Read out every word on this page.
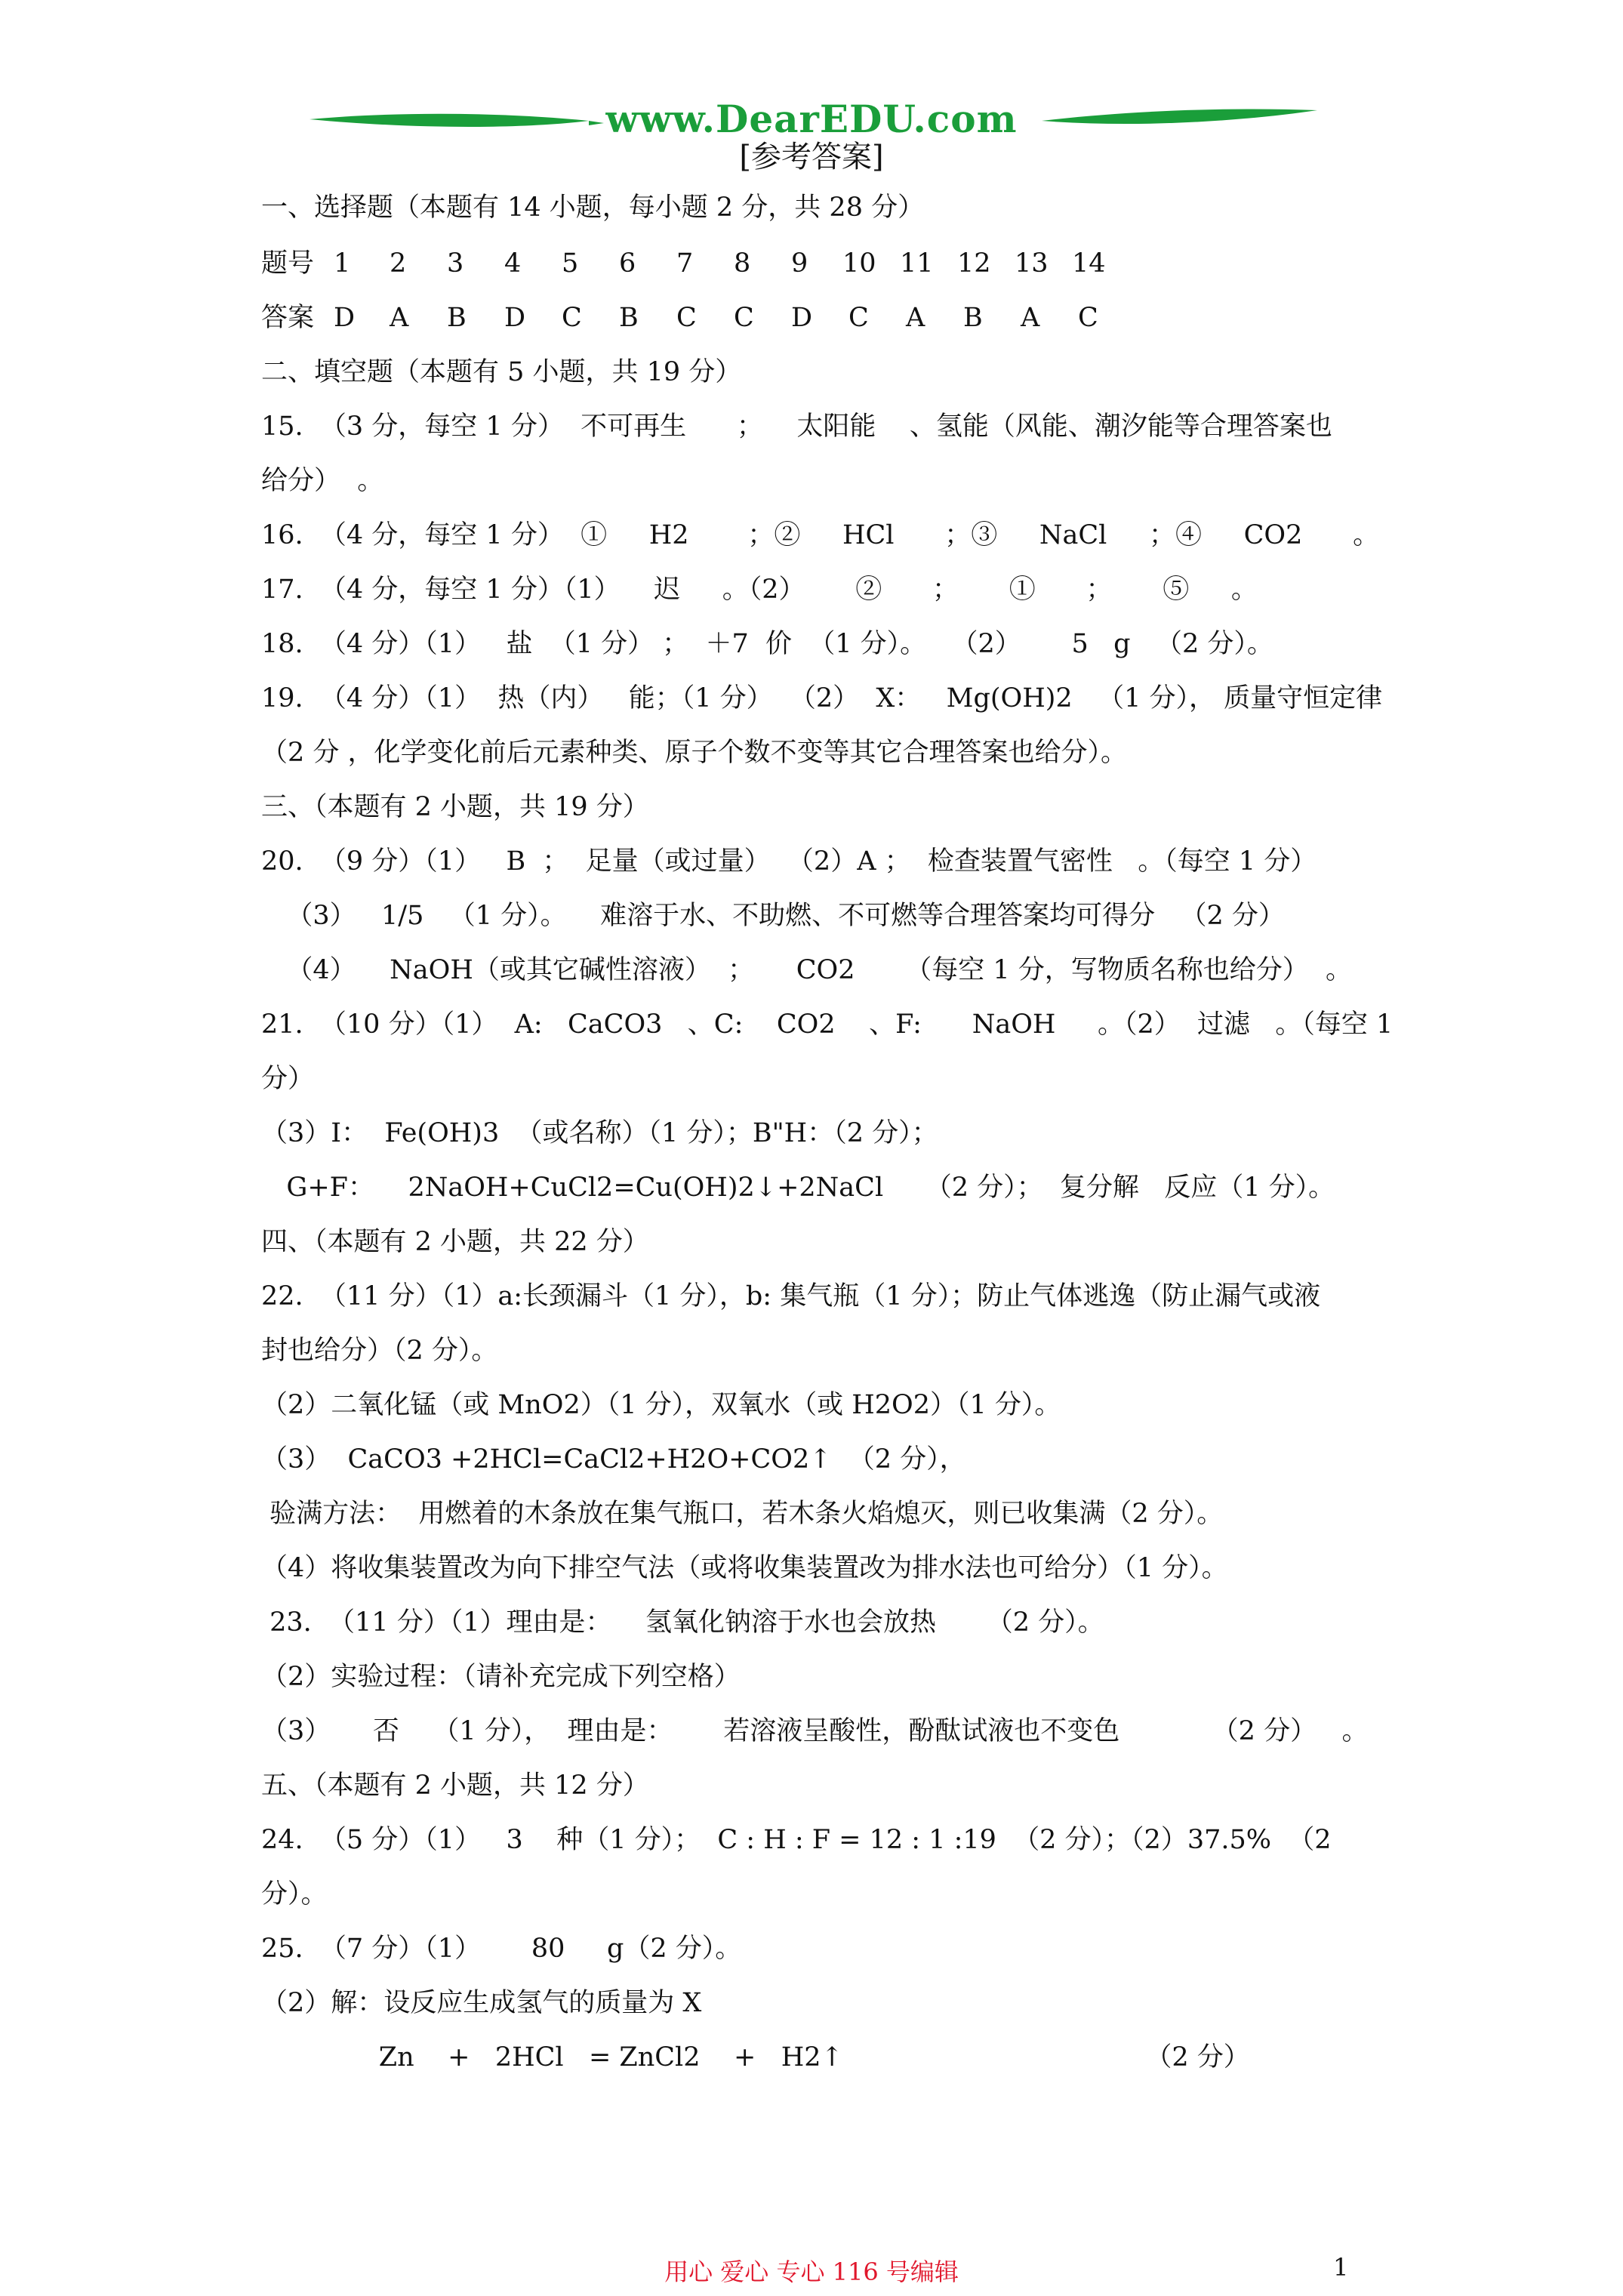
www.DearEDU.com
[参考答案]
一、选择题（本题有 14 小题，每小题 2 分，共 28 分）
题号 1 2 3 4 5 6 7 8 9 10 11 12 13 14
答案 D A B D C B C C D C A B A C
二、填空题（本题有 5 小题，共 19 分）
15.  （3 分，每空 1 分）  不可再生      ；    太阳能    、氢能（风能、潮汐能等合理答案也
给分）  。
16.  （4 分，每空 1 分）  ①     H2       ；②     HCl      ；③     NaCl     ；④     CO2      。
17.  （4 分，每空 1 分）（1）    迟     。（2）      ②      ；      ①      ；      ⑤     。
18.  （4 分）（1）   盐  （1 分） ；  ＋7  价  （1 分）。   （2）      5   g   （2 分）。
19.  （4 分）（1）  热（内）   能；（1 分）  （2）  X：   Mg(OH)2   （1 分）， 质量守恒定律
（2 分 ，化学变化前后元素种类、原子个数不变等其它合理答案也给分）。
三、（本题有 2 小题，共 19 分）
20.  （9 分）（1）   B  ；  足量（或过量）  （2）A ；  检查装置气密性   。（每空 1 分）
（3）   1/5   （1 分）。    难溶于水、不助燃、不可燃等合理答案均可得分   （2 分）
（4）    NaOH（或其它碱性溶液）  ；     CO2      （每空 1 分，写物质名称也给分）  。
21.  （10 分）（1）  A:   CaCO3   、C:    CO2    、F:      NaOH     。（2）  过滤   。（每空 1
分）
（3）I：  Fe(OH)3  （或名称）（1 分）；B"H：（2 分）；
G+F：    2NaOH+CuCl2=Cu(OH)2↓+2NaCl     （2 分）；  复分解   反应（1 分）。
四、（本题有 2 小题，共 22 分）
22.  （11 分）（1）a:长颈漏斗（1 分），b: 集气瓶（1 分）；防止气体逃逸（防止漏气或液
封也给分）（2 分）。
（2）二氧化锰（或 MnO2）（1 分），双氧水（或 H2O2）（1 分）。
（3）  CaCO3 +2HCl=CaCl2+H2O+CO2↑  （2 分），
验满方法：  用燃着的木条放在集气瓶口，若木条火焰熄灭，则已收集满（2 分）。
（4）将收集装置改为向下排空气法（或将收集装置改为排水法也可给分）（1 分）。
23.  （11 分）（1）理由是：    氢氧化钠溶于水也会放热      （2 分）。
（2）实验过程：（请补充完成下列空格）
（3）     否    （1 分），  理由是：      若溶液呈酸性，酚酞试液也不变色           （2 分）   。
五、（本题有 2 小题，共 12 分）
24.  （5 分）（1）   3    种（1 分）；  C : H : F = 12 : 1 :19  （2 分）；（2）37.5%  （2
分）。
25.  （7 分）（1）      80     g（2 分）。
（2）解：设反应生成氢气的质量为 X
Zn    +   2HCl   = ZnCl2    +   H2↑                                    （2 分）
用心 爱心 专心 116 号编辑	1
